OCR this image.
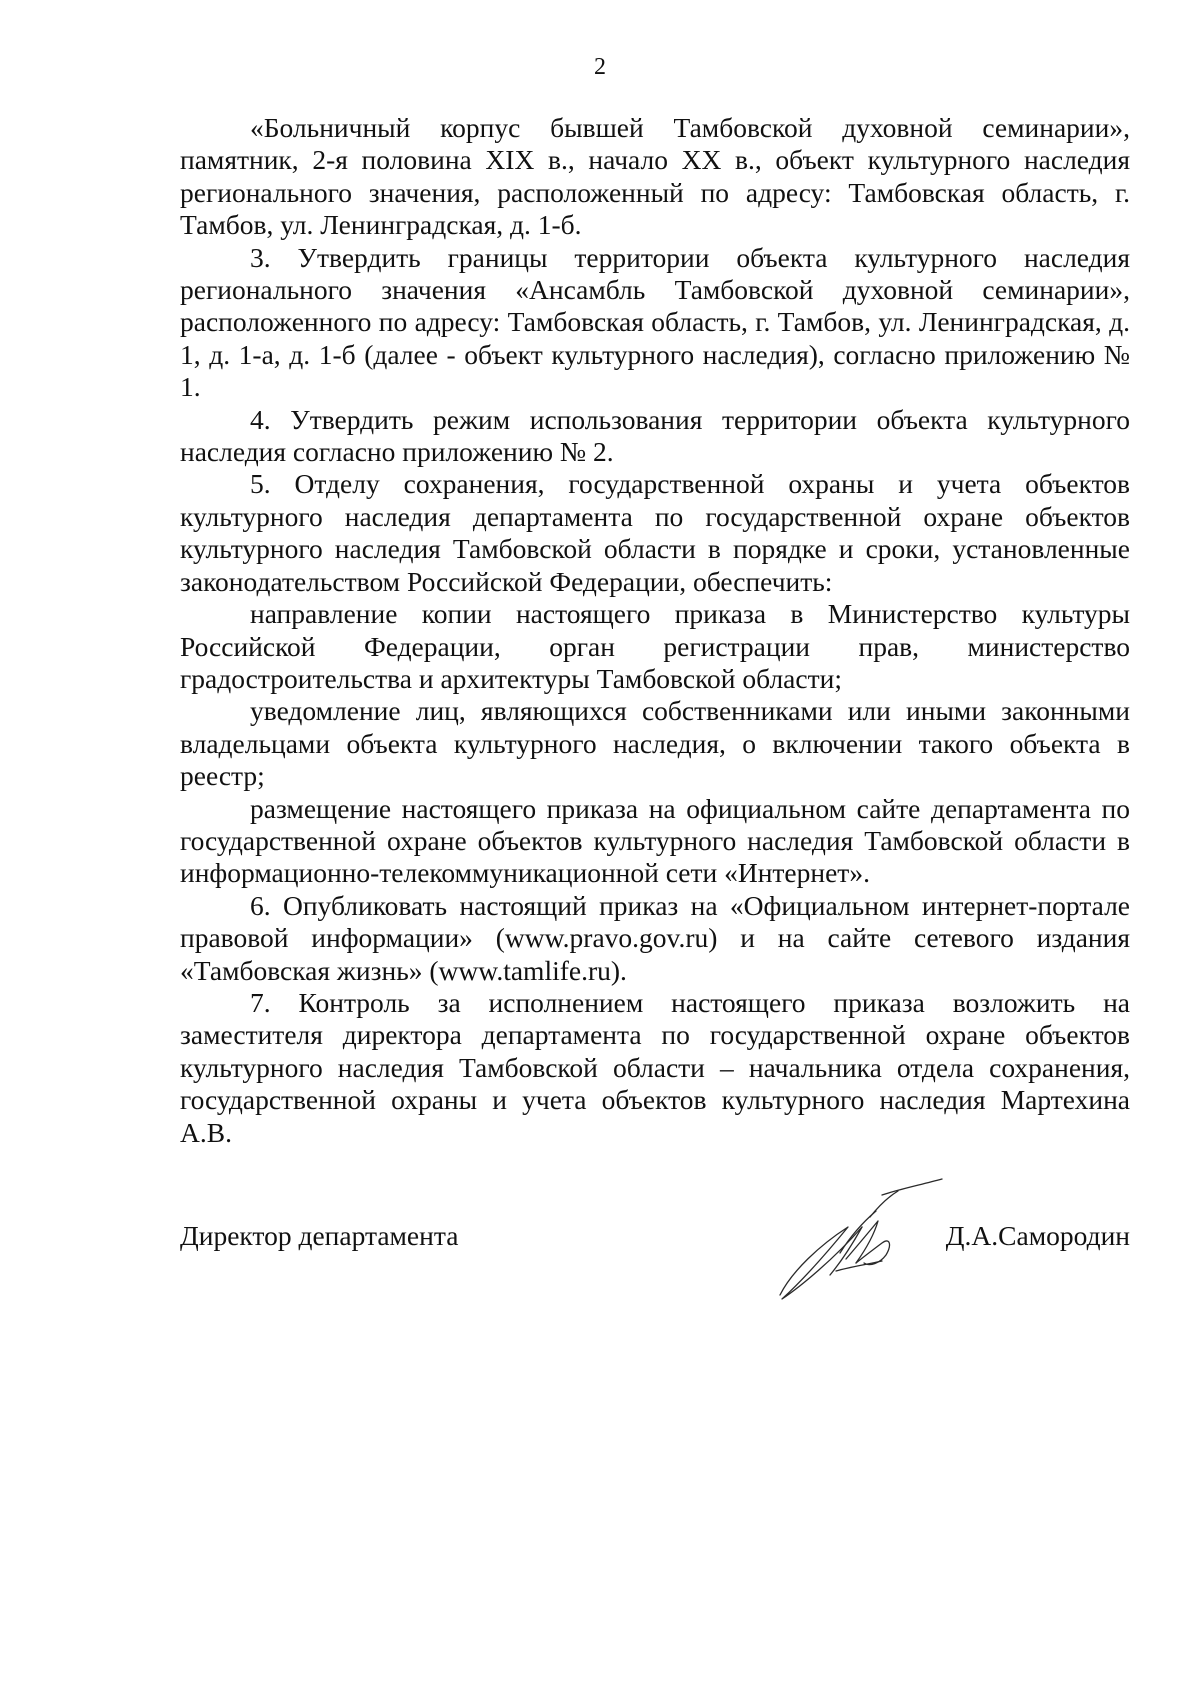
2

«Больничный корпус бывшей Тамбовской духовной семинарии», памятник, 2-я половина XIX в., начало XX в., объект культурного наследия регионального значения, расположенный по адресу: Тамбовская область, г. Тамбов, ул. Ленинградская, д. 1-б.

3. Утвердить границы территории объекта культурного наследия регионального значения «Ансамбль Тамбовской духовной семинарии», расположенного по адресу: Тамбовская область, г. Тамбов, ул. Ленинградская, д. 1, д. 1-а, д. 1-б (далее - объект культурного наследия), согласно приложению № 1.

4. Утвердить режим использования территории объекта культурного наследия согласно приложению № 2.

5. Отделу сохранения, государственной охраны и учета объектов культурного наследия департамента по государственной охране объектов культурного наследия Тамбовской области в порядке и сроки, установленные законодательством Российской Федерации, обеспечить:

направление копии настоящего приказа в Министерство культуры Российской Федерации, орган регистрации прав, министерство градостроительства и архитектуры Тамбовской области;

уведомление лиц, являющихся собственниками или иными законными владельцами объекта культурного наследия, о включении такого объекта в реестр;

размещение настоящего приказа на официальном сайте департамента по государственной охране объектов культурного наследия Тамбовской области в информационно-телекоммуникационной сети «Интернет».

6. Опубликовать настоящий приказ на «Официальном интернет-портале правовой информации» (www.pravo.gov.ru) и на сайте сетевого издания «Тамбовская жизнь» (www.tamlife.ru).

7. Контроль за исполнением настоящего приказа возложить на заместителя директора департамента по государственной охране объектов культурного наследия Тамбовской области – начальника отдела сохранения, государственной охраны и учета объектов культурного наследия Мартехина А.В.

Директор департамента	Д.А.Самородин
